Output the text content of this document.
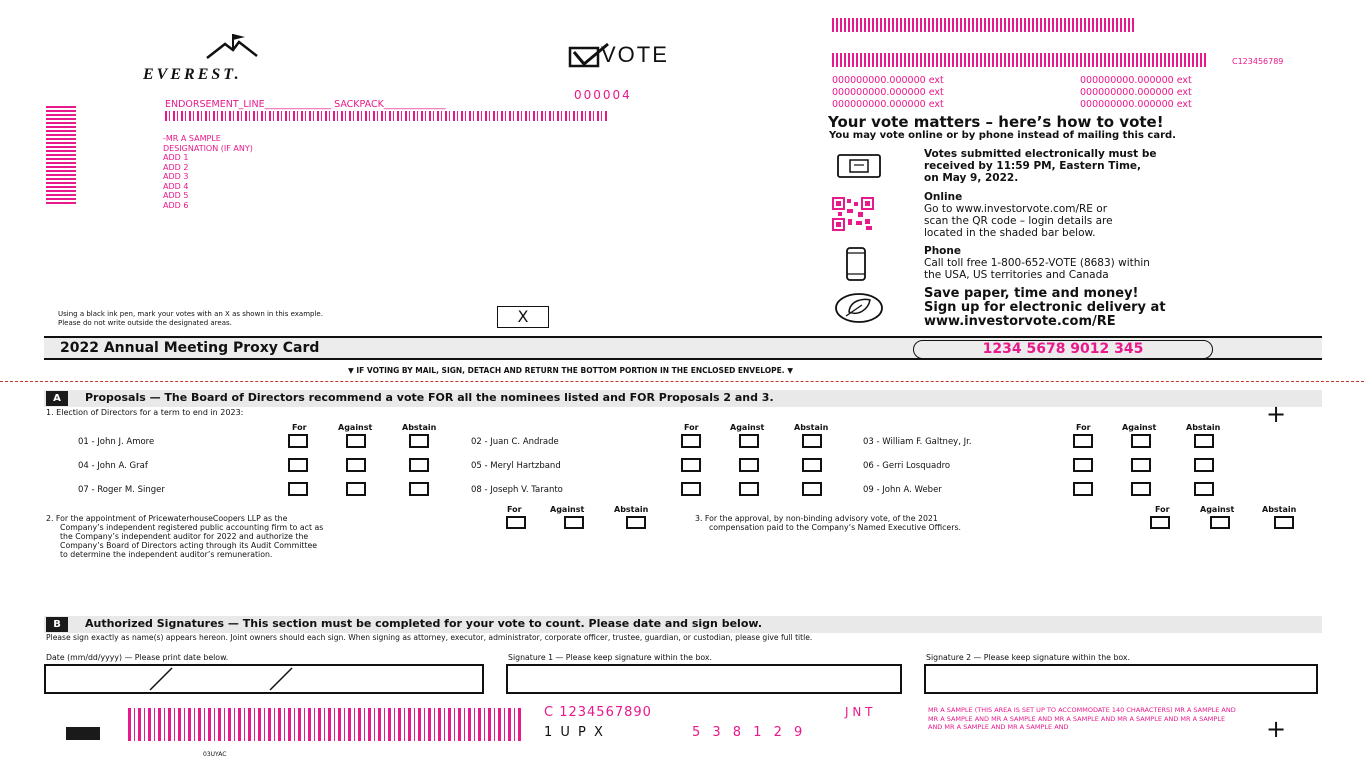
EVEREST.
VOTE
ENDORSEMENT_LINE______________ SACKPACK_____________
000004
-MR A SAMPLE
DESIGNATION (IF ANY)
ADD 1
ADD 2
ADD 3
ADD 4
ADD 5
ADD 6
Using a black ink pen, mark your votes with an X as shown in this example.
Please do not write outside the designated areas.	X
C123456789
000000000.000000 ext	000000000.000000 ext
000000000.000000 ext	000000000.000000 ext
000000000.000000 ext	000000000.000000 ext
Your vote matters – here’s how to vote!
You may vote online or by phone instead of mailing this card.
Votes submitted electronically must be
received by 11:59 PM, Eastern Time,
on May 9, 2022.
Online
Go to www.investorvote.com/RE or
scan the QR code – login details are
located in the shaded bar below.
Phone
Call toll free 1-800-652-VOTE (8683) within
the USA, US territories and Canada
Save paper, time and money!
Sign up for electronic delivery at
www.investorvote.com/RE
2022 Annual Meeting Proxy Card	1234 5678 9012 345
▼ IF VOTING BY MAIL, SIGN, DETACH AND RETURN THE BOTTOM PORTION IN THE ENCLOSED ENVELOPE. ▼
A	Proposals — The Board of Directors recommend a vote FOR all the nominees listed and FOR Proposals 2 and 3.
+
1. Election of Directors for a term to end in 2023:
For	Against	Abstain	For	Against	Abstain	For	Against	Abstain
01 - John J. Amore	02 - Juan C. Andrade	03 - William F. Galtney, Jr.
04 - John A. Graf	05 - Meryl Hartzband	06 - Gerri Losquadro
07 - Roger M. Singer	08 - Joseph V. Taranto	09 - John A. Weber
2. For the appointment of PricewaterhouseCoopers LLP as the
Company’s independent registered public accounting firm to act as
the Company’s independent auditor for 2022 and authorize the
Company’s Board of Directors acting through its Audit Committee
to determine the independent auditor’s remuneration.
For	Against	Abstain
3. For the approval, by non-binding advisory vote, of the 2021
compensation paid to the Company’s Named Executive Officers.
For	Against	Abstain
B	Authorized Signatures — This section must be completed for your vote to count. Please date and sign below.
Please sign exactly as name(s) appears hereon. Joint owners should each sign. When signing as attorney, executor, administrator, corporate officer, trustee, guardian, or custodian, please give full title.
Date (mm/dd/yyyy) — Please print date below.	Signature 1 — Please keep signature within the box.	Signature 2 — Please keep signature within the box.
03UYAC
C 1234567890	J N T
1 U P X	5 3 8 1 2 9
MR A SAMPLE (THIS AREA IS SET UP TO ACCOMMODATE 140 CHARACTERS) MR A SAMPLE AND MR A SAMPLE AND MR A SAMPLE AND MR A SAMPLE AND MR A SAMPLE AND MR A SAMPLE AND MR A SAMPLE AND MR A SAMPLE AND	+
